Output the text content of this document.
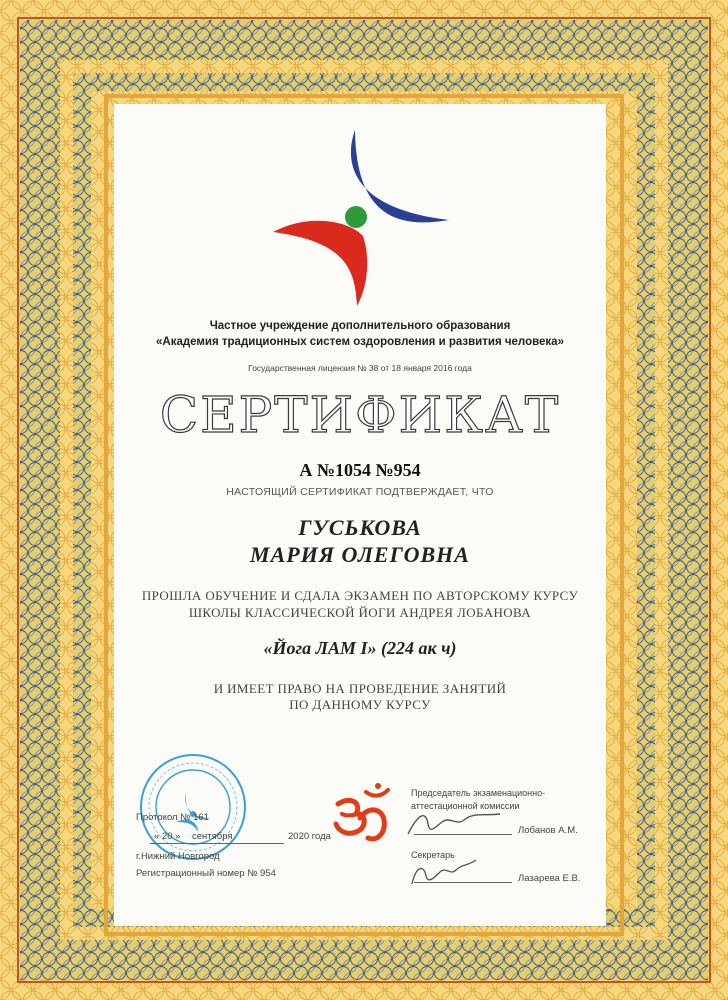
Частное учреждение дополнительного образования
«Академия традиционных систем оздоровления и развития человека»
Государственная лицензия № 38 от 18 января 2016 года
СЕРТИФИКАТ
А №1054 №954
НАСТОЯЩИЙ СЕРТИФИКАТ ПОДТВЕРЖДАЕТ, ЧТО
ГУСЬКОВА
МАРИЯ ОЛЕГОВНА
ПРОШЛА ОБУЧЕНИЕ И СДАЛА ЭКЗАМЕН ПО АВТОРСКОМУ КУРСУ
ШКОЛЫ КЛАССИЧЕСКОЙ ЙОГИ АНДРЕЯ ЛОБАНОВА
«Йога ЛАМ I» (224 ак ч)
И ИМЕЕТ ПРАВО НА ПРОВЕДЕНИЕ ЗАНЯТИЙ
ПО ДАННОМУ КУРСУ
Протокол № 161
« 20 » сентября	2020 года
г.Нижний Новгород
Регистрационный номер № 954
Председатель экзаменационно-
аттестационной комиссии
Лобанов А.М.
Секретарь
Лазарева Е.В.
